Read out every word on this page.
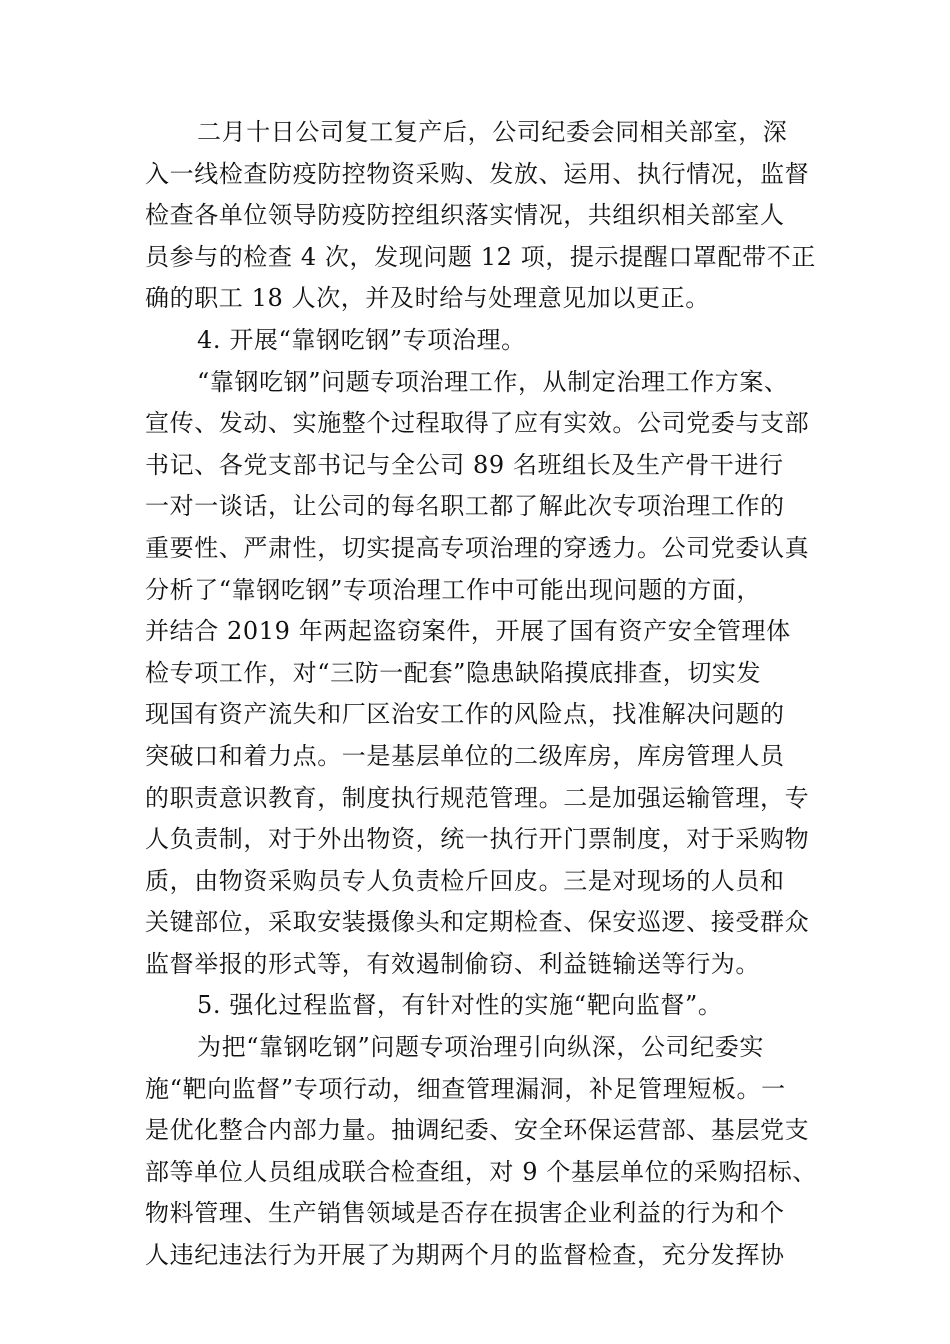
二月十日公司复工复产后，公司纪委会同相关部室，深
入一线检查防疫防控物资采购、发放、运用、执行情况，监督
检查各单位领导防疫防控组织落实情况，共组织相关部室人
员参与的检查 4 次，发现问题 12 项，提示提醒口罩配带不正
确的职工 18 人次，并及时给与处理意见加以更正。
4. 开展“靠钢吃钢”专项治理。
“靠钢吃钢”问题专项治理工作，从制定治理工作方案、
宣传、发动、实施整个过程取得了应有实效。公司党委与支部
书记、各党支部书记与全公司 89 名班组长及生产骨干进行
一对一谈话，让公司的每名职工都了解此次专项治理工作的
重要性、严肃性，切实提高专项治理的穿透力。公司党委认真
分析了“靠钢吃钢”专项治理工作中可能出现问题的方面，
并结合 2019 年两起盗窃案件，开展了国有资产安全管理体
检专项工作，对“三防一配套”隐患缺陷摸底排查，切实发
现国有资产流失和厂区治安工作的风险点，找准解决问题的
突破口和着力点。一是基层单位的二级库房，库房管理人员
的职责意识教育，制度执行规范管理。二是加强运输管理，专
人负责制，对于外出物资，统一执行开门票制度，对于采购物
质，由物资采购员专人负责检斤回皮。三是对现场的人员和
关键部位，采取安装摄像头和定期检查、保安巡逻、接受群众
监督举报的形式等，有效遏制偷窃、利益链输送等行为。
5. 强化过程监督，有针对性的实施“靶向监督”。
为把“靠钢吃钢”问题专项治理引向纵深，公司纪委实
施“靶向监督”专项行动，细查管理漏洞，补足管理短板。一
是优化整合内部力量。抽调纪委、安全环保运营部、基层党支
部等单位人员组成联合检查组，对 9 个基层单位的采购招标、
物料管理、生产销售领域是否存在损害企业利益的行为和个
人违纪违法行为开展了为期两个月的监督检查，充分发挥协
